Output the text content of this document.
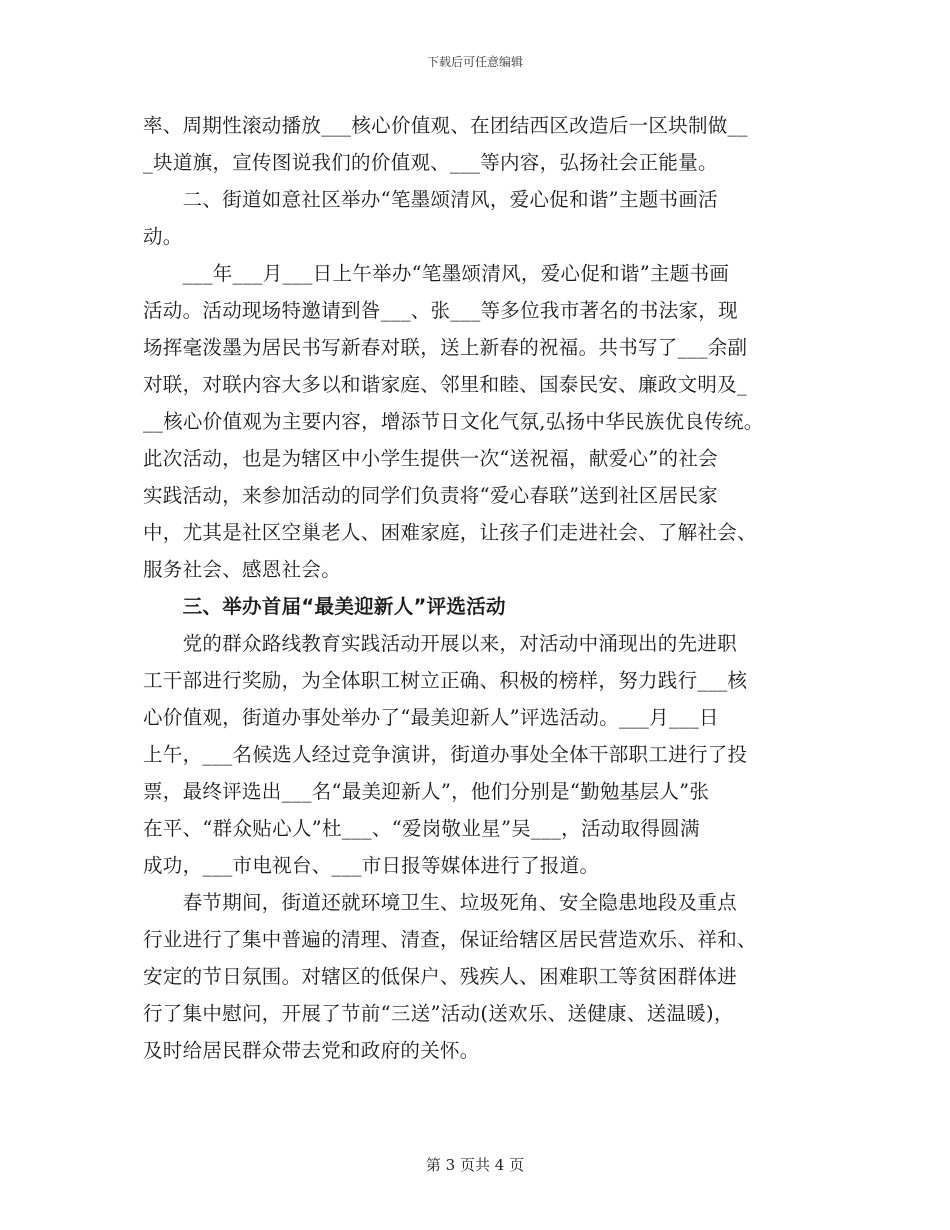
下载后可任意编辑
率、周期性滚动播放___核心价值观、在团结西区改造后一区块制做__
_块道旗，宣传图说我们的价值观、___等内容，弘扬社会正能量。
　　二、街道如意社区举办“笔墨颂清风，爱心促和谐”主题书画活
动。
　　___年___月___日上午举办“笔墨颂清风，爱心促和谐”主题书画
活动。活动现场特邀请到昝___、张___等多位我市著名的书法家，现
场挥毫泼墨为居民书写新春对联，送上新春的祝福。共书写了___余副
对联，对联内容大多以和谐家庭、邻里和睦、国泰民安、廉政文明及_
__核心价值观为主要内容，增添节日文化气氛,弘扬中华民族优良传统。
此次活动，也是为辖区中小学生提供一次“送祝福，献爱心”的社会
实践活动，来参加活动的同学们负责将“爱心春联”送到社区居民家
中，尤其是社区空巢老人、困难家庭，让孩子们走进社会、了解社会、
服务社会、感恩社会。
　　三、举办首届“最美迎新人”评选活动
　　党的群众路线教育实践活动开展以来，对活动中涌现出的先进职
工干部进行奖励，为全体职工树立正确、积极的榜样，努力践行___核
心价值观，街道办事处举办了“最美迎新人”评选活动。___月___日
上午，___名候选人经过竞争演讲，街道办事处全体干部职工进行了投
票，最终评选出___名“最美迎新人”，他们分别是“勤勉基层人”张
在平、“群众贴心人”杜___、“爱岗敬业星”吴___，活动取得圆满
成功，___市电视台、___市日报等媒体进行了报道。
　　春节期间，街道还就环境卫生、垃圾死角、安全隐患地段及重点
行业进行了集中普遍的清理、清查，保证给辖区居民营造欢乐、祥和、
安定的节日氛围。对辖区的低保户、残疾人、困难职工等贫困群体进
行了集中慰问，开展了节前“三送”活动(送欢乐、送健康、送温暖)，
及时给居民群众带去党和政府的关怀。
第 3 页共 4 页
